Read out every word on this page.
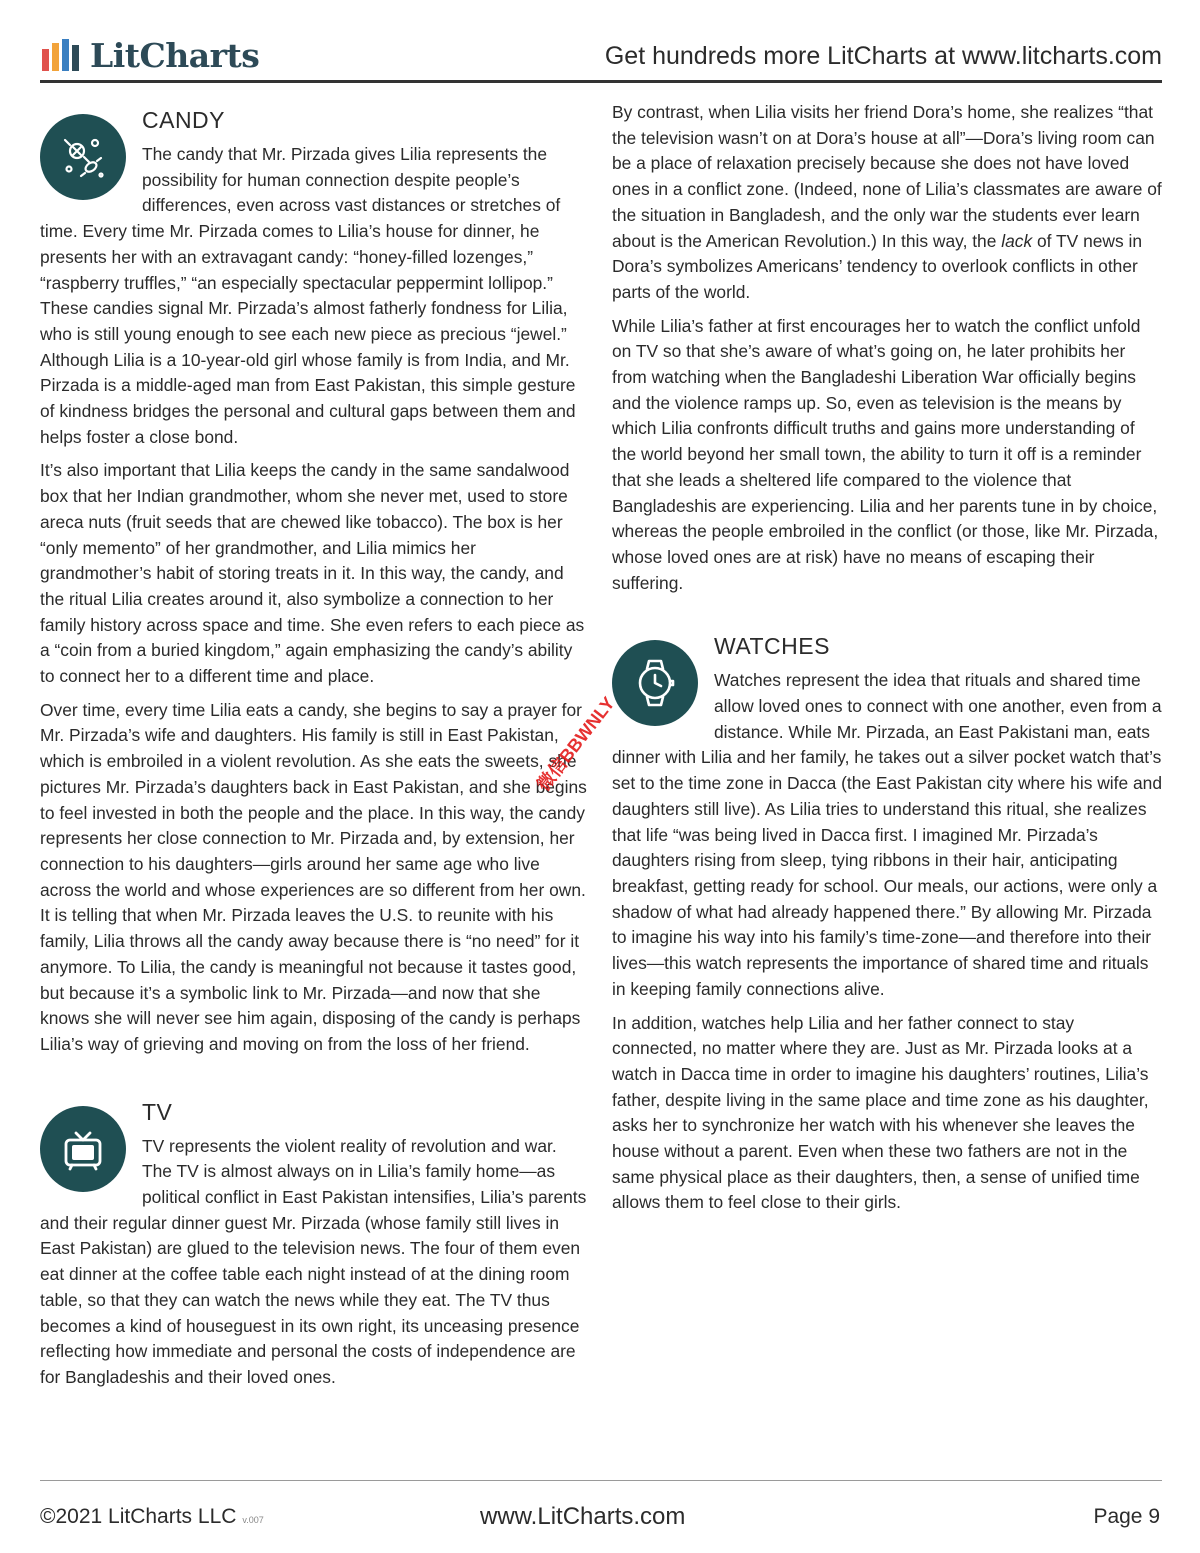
LitCharts	Get hundreds more LitCharts at www.litcharts.com
CANDY

The candy that Mr. Pirzada gives Lilia represents the possibility for human connection despite people’s differences, even across vast distances or stretches of time. Every time Mr. Pirzada comes to Lilia’s house for dinner, he presents her with an extravagant candy: “honey-filled lozenges,” “raspberry truffles,” “an especially spectacular peppermint lollipop.” These candies signal Mr. Pirzada’s almost fatherly fondness for Lilia, who is still young enough to see each new piece as precious “jewel.” Although Lilia is a 10-year-old girl whose family is from India, and Mr. Pirzada is a middle-aged man from East Pakistan, this simple gesture of kindness bridges the personal and cultural gaps between them and helps foster a close bond.

It’s also important that Lilia keeps the candy in the same sandalwood box that her Indian grandmother, whom she never met, used to store areca nuts (fruit seeds that are chewed like tobacco). The box is her “only memento” of her grandmother, and Lilia mimics her grandmother’s habit of storing treats in it. In this way, the candy, and the ritual Lilia creates around it, also symbolize a connection to her family history across space and time. She even refers to each piece as a “coin from a buried kingdom,” again emphasizing the candy’s ability to connect her to a different time and place.

Over time, every time Lilia eats a candy, she begins to say a prayer for Mr. Pirzada’s wife and daughters. His family is still in East Pakistan, which is embroiled in a violent revolution. As she eats the sweets, she pictures Mr. Pirzada’s daughters back in East Pakistan, and she begins to feel invested in both the people and the place. In this way, the candy represents her close connection to Mr. Pirzada and, by extension, her connection to his daughters—girls around her same age who live across the world and whose experiences are so different from her own. It is telling that when Mr. Pirzada leaves the U.S. to reunite with his family, Lilia throws all the candy away because there is “no need” for it anymore. To Lilia, the candy is meaningful not because it tastes good, but because it’s a symbolic link to Mr. Pirzada—and now that she knows she will never see him again, disposing of the candy is perhaps Lilia’s way of grieving and moving on from the loss of her friend.

TV

TV represents the violent reality of revolution and war. The TV is almost always on in Lilia’s family home—as political conflict in East Pakistan intensifies, Lilia’s parents and their regular dinner guest Mr. Pirzada (whose family still lives in East Pakistan) are glued to the television news. The four of them even eat dinner at the coffee table each night instead of at the dining room table, so that they can watch the news while they eat. The TV thus becomes a kind of houseguest in its own right, its unceasing presence reflecting how immediate and personal the costs of independence are for Bangladeshis and their loved ones.

By contrast, when Lilia visits her friend Dora’s home, she realizes “that the television wasn’t on at Dora’s house at all”—Dora’s living room can be a place of relaxation precisely because she does not have loved ones in a conflict zone. (Indeed, none of Lilia’s classmates are aware of the situation in Bangladesh, and the only war the students ever learn about is the American Revolution.) In this way, the lack of TV news in Dora’s symbolizes Americans’ tendency to overlook conflicts in other parts of the world.

While Lilia’s father at first encourages her to watch the conflict unfold on TV so that she’s aware of what’s going on, he later prohibits her from watching when the Bangladeshi Liberation War officially begins and the violence ramps up. So, even as television is the means by which Lilia confronts difficult truths and gains more understanding of the world beyond her small town, the ability to turn it off is a reminder that she leads a sheltered life compared to the violence that Bangladeshis are experiencing. Lilia and her parents tune in by choice, whereas the people embroiled in the conflict (or those, like Mr. Pirzada, whose loved ones are at risk) have no means of escaping their suffering.

WATCHES

Watches represent the idea that rituals and shared time allow loved ones to connect with one another, even from a distance. While Mr. Pirzada, an East Pakistani man, eats dinner with Lilia and her family, he takes out a silver pocket watch that’s set to the time zone in Dacca (the East Pakistan city where his wife and daughters still live). As Lilia tries to understand this ritual, she realizes that life “was being lived in Dacca first. I imagined Mr. Pirzada’s daughters rising from sleep, tying ribbons in their hair, anticipating breakfast, getting ready for school. Our meals, our actions, were only a shadow of what had already happened there.” By allowing Mr. Pirzada to imagine his way into his family’s time-zone—and therefore into their lives—this watch represents the importance of shared time and rituals in keeping family connections alive.

In addition, watches help Lilia and her father connect to stay connected, no matter where they are. Just as Mr. Pirzada looks at a watch in Dacca time in order to imagine his daughters’ routines, Lilia’s father, despite living in the same place and time zone as his daughter, asks her to synchronize her watch with his whenever she leaves the house without a parent. Even when these two fathers are not in the same physical place as their daughters, then, a sense of unified time allows them to feel close to their girls.

微信BBWNLY
©2021 LitCharts LLC v.007	www.LitCharts.com	Page 9
